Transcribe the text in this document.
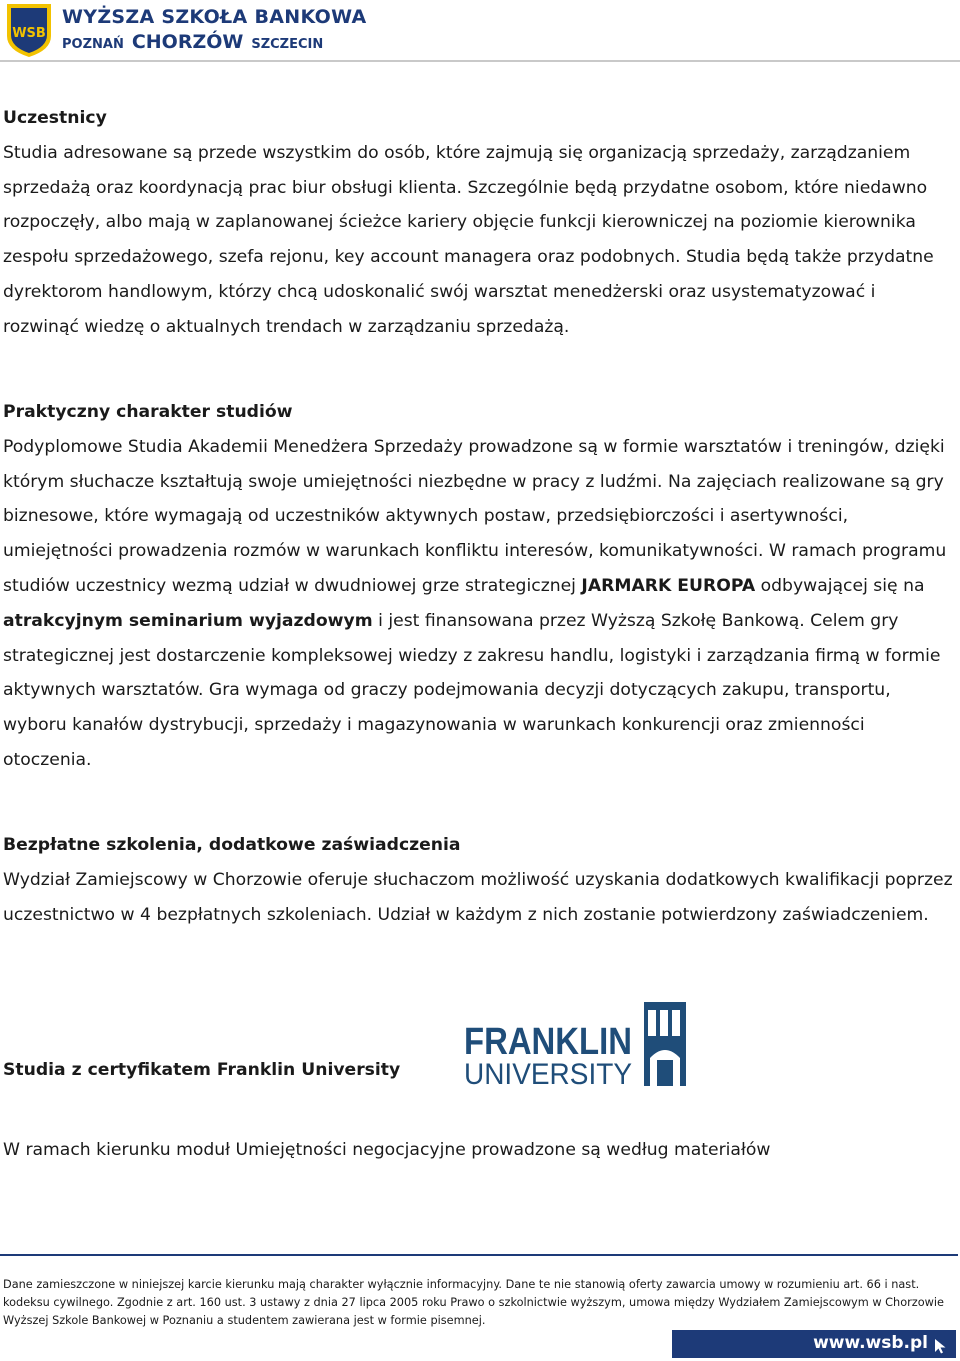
WSB
WYŻSZA SZKOŁA BANKOWA
POZNAŃ CHORZÓW SZCZECIN

Uczestnicy

Studia adresowane są przede wszystkim do osób, które zajmują się organizacją sprzedaży, zarządzaniem sprzedażą oraz koordynacją prac biur obsługi klienta. Szczególnie będą przydatne osobom, które niedawno rozpoczęły, albo mają w zaplanowanej ścieżce kariery objęcie funkcji kierowniczej na poziomie kierownika zespołu sprzedażowego, szefa rejonu, key account managera oraz podobnych. Studia będą także przydatne dyrektorom handlowym, którzy chcą udoskonalić swój warsztat menedżerski oraz usystematyzować i rozwinąć wiedzę o aktualnych trendach w zarządzaniu sprzedażą.

Praktyczny charakter studiów

Podyplomowe Studia Akademii Menedżera Sprzedaży prowadzone są w formie warsztatów i treningów, dzięki którym słuchacze kształtują swoje umiejętności niezbędne w pracy z ludźmi. Na zajęciach realizowane są gry biznesowe, które wymagają od uczestników aktywnych postaw, przedsiębiorczości i asertywności, umiejętności prowadzenia rozmów w warunkach konfliktu interesów, komunikatywności. W ramach programu studiów uczestnicy wezmą udział w dwudniowej grze strategicznej JARMARK EUROPA odbywającej się na atrakcyjnym seminarium wyjazdowym i jest finansowana przez Wyższą Szkołę Bankową. Celem gry strategicznej jest dostarczenie kompleksowej wiedzy z zakresu handlu, logistyki i zarządzania firmą w formie aktywnych warsztatów. Gra wymaga od graczy podejmowania decyzji dotyczących zakupu, transportu, wyboru kanałów dystrybucji, sprzedaży i magazynowania w warunkach konkurencji oraz zmienności otoczenia.

Bezpłatne szkolenia, dodatkowe zaświadczenia

Wydział Zamiejscowy w Chorzowie oferuje słuchaczom możliwość uzyskania dodatkowych kwalifikacji poprzez uczestnictwo w 4 bezpłatnych szkoleniach. Udział w każdym z nich zostanie potwierdzony zaświadczeniem.

Studia z certyfikatem Franklin University
FRANKLIN
UNIVERSITY
W ramach kierunku moduł Umiejętności negocjacyjne prowadzone są według materiałów
Dane zamieszczone w niniejszej karcie kierunku mają charakter wyłącznie informacyjny. Dane te nie stanowią oferty zawarcia umowy w rozumieniu art. 66 i nast. kodeksu cywilnego. Zgodnie z art. 160 ust. 3 ustawy z dnia 27 lipca 2005 roku Prawo o szkolnictwie wyższym, umowa między Wydziałem Zamiejscowym w Chorzowie Wyższej Szkole Bankowej w Poznaniu a studentem zawierana jest w formie pisemnej.
www.wsb.pl
